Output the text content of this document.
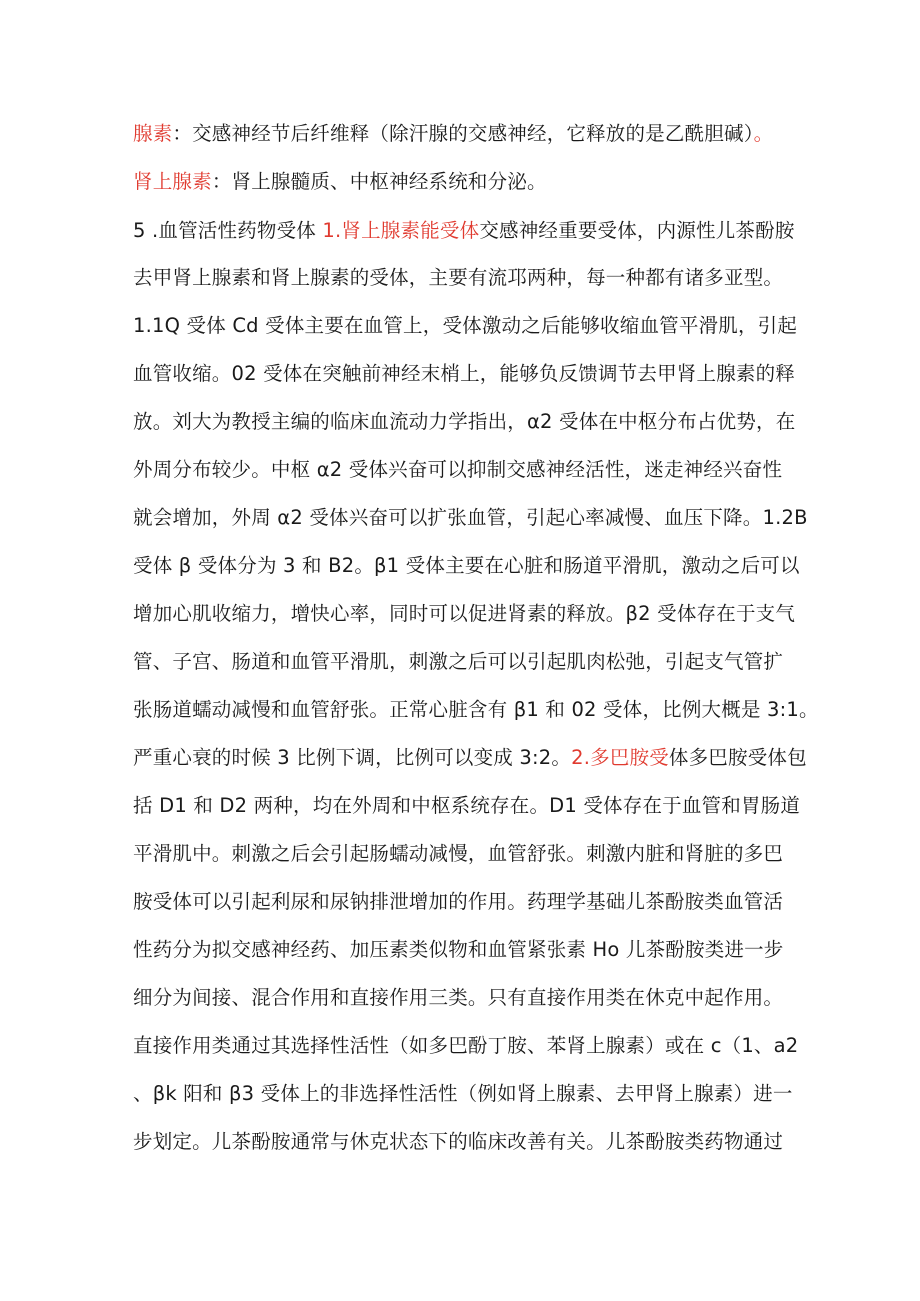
腺素：交感神经节后纤维释（除汗腺的交感神经，它释放的是乙酰胆碱）。
肾上腺素：肾上腺髓质、中枢神经系统和分泌。
5 .血管活性药物受体 1.肾上腺素能受体交感神经重要受体，内源性儿茶酚胺
去甲肾上腺素和肾上腺素的受体，主要有流邛两种，每一种都有诸多亚型。
1.1Q 受体 Cd 受体主要在血管上，受体激动之后能够收缩血管平滑肌，引起
血管收缩。02 受体在突触前神经末梢上，能够负反馈调节去甲肾上腺素的释
放。刘大为教授主编的临床血流动力学指出，α2 受体在中枢分布占优势，在
外周分布较少。中枢 α2 受体兴奋可以抑制交感神经活性，迷走神经兴奋性
就会增加，外周 α2 受体兴奋可以扩张血管，引起心率减慢、血压下降。1.2B
受体 β 受体分为 3 和 B2。β1 受体主要在心脏和肠道平滑肌，激动之后可以
增加心肌收缩力，增快心率，同时可以促进肾素的释放。β2 受体存在于支气
管、子宫、肠道和血管平滑肌，刺激之后可以引起肌肉松弛，引起支气管扩
张肠道蠕动减慢和血管舒张。正常心脏含有 β1 和 02 受体，比例大概是 3:1。
严重心衰的时候 3 比例下调，比例可以变成 3:2。2.多巴胺受体多巴胺受体包
括 D1 和 D2 两种，均在外周和中枢系统存在。D1 受体存在于血管和胃肠道
平滑肌中。刺激之后会引起肠蠕动减慢，血管舒张。刺激内脏和肾脏的多巴
胺受体可以引起利尿和尿钠排泄增加的作用。药理学基础儿茶酚胺类血管活
性药分为拟交感神经药、加压素类似物和血管紧张素 Ho 儿茶酚胺类进一步
细分为间接、混合作用和直接作用三类。只有直接作用类在休克中起作用。
直接作用类通过其选择性活性（如多巴酚丁胺、苯肾上腺素）或在 c（1、a2
、βk 阳和 β3 受体上的非选择性活性（例如肾上腺素、去甲肾上腺素）进一
步划定。儿茶酚胺通常与休克状态下的临床改善有关。儿茶酚胺类药物通过
